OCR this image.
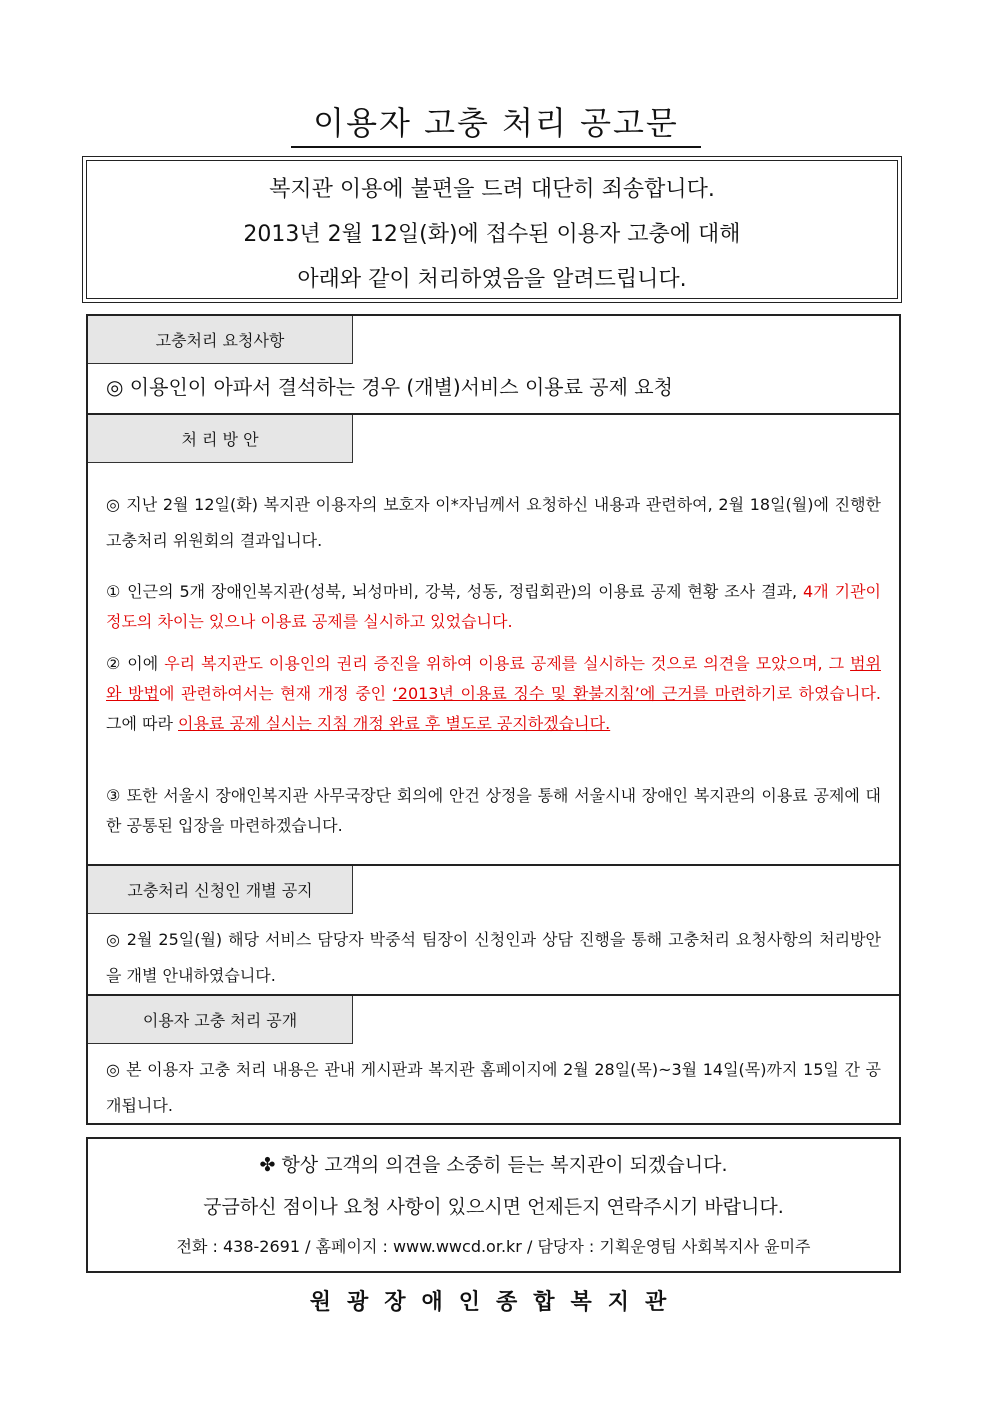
이용자 고충 처리 공고문
복지관 이용에 불편을 드려 대단히 죄송합니다.
2013년 2월 12일(화)에 접수된 이용자 고충에 대해
아래와 같이 처리하였음을 알려드립니다.
고충처리 요청사항
◎ 이용인이 아파서 결석하는 경우 (개별)서비스 이용료 공제 요청
처 리 방 안
◎ 지난 2월 12일(화) 복지관 이용자의 보호자 이*자님께서 요청하신 내용과 관련하여, 2월 18일(월)에 진행한 고충처리 위원회의 결과입니다.
① 인근의 5개 장애인복지관(성북, 뇌성마비, 강북, 성동, 정립회관)의 이용료 공제 현황 조사 결과, 4개 기관이 정도의 차이는 있으나 이용료 공제를 실시하고 있었습니다.
② 이에 우리 복지관도 이용인의 권리 증진을 위하여 이용료 공제를 실시하는 것으로 의견을 모았으며, 그 범위와 방법에 관련하여서는 현재 개정 중인 ‘2013년 이용료 징수 및 환불지침’에 근거를 마련하기로 하였습니다. 그에 따라 이용료 공제 실시는 지침 개정 완료 후 별도로 공지하겠습니다.
③ 또한 서울시 장애인복지관 사무국장단 회의에 안건 상정을 통해 서울시내 장애인 복지관의 이용료 공제에 대한 공통된 입장을 마련하겠습니다.
고충처리 신청인 개별 공지
◎ 2월 25일(월) 해당 서비스 담당자 박중석 팀장이 신청인과 상담 진행을 통해 고충처리 요청사항의 처리방안을 개별 안내하였습니다.
이용자 고충 처리 공개
◎ 본 이용자 고충 처리 내용은 관내 게시판과 복지관 홈페이지에 2월 28일(목)~3월 14일(목)까지 15일 간 공개됩니다.
✤ 항상 고객의 의견을 소중히 듣는 복지관이 되겠습니다.
궁금하신 점이나 요청 사항이 있으시면 언제든지 연락주시기 바랍니다.
전화 : 438-2691 / 홈페이지 : www.wwcd.or.kr / 담당자 : 기획운영팀 사회복지사 윤미주
원광장애인종합복지관
